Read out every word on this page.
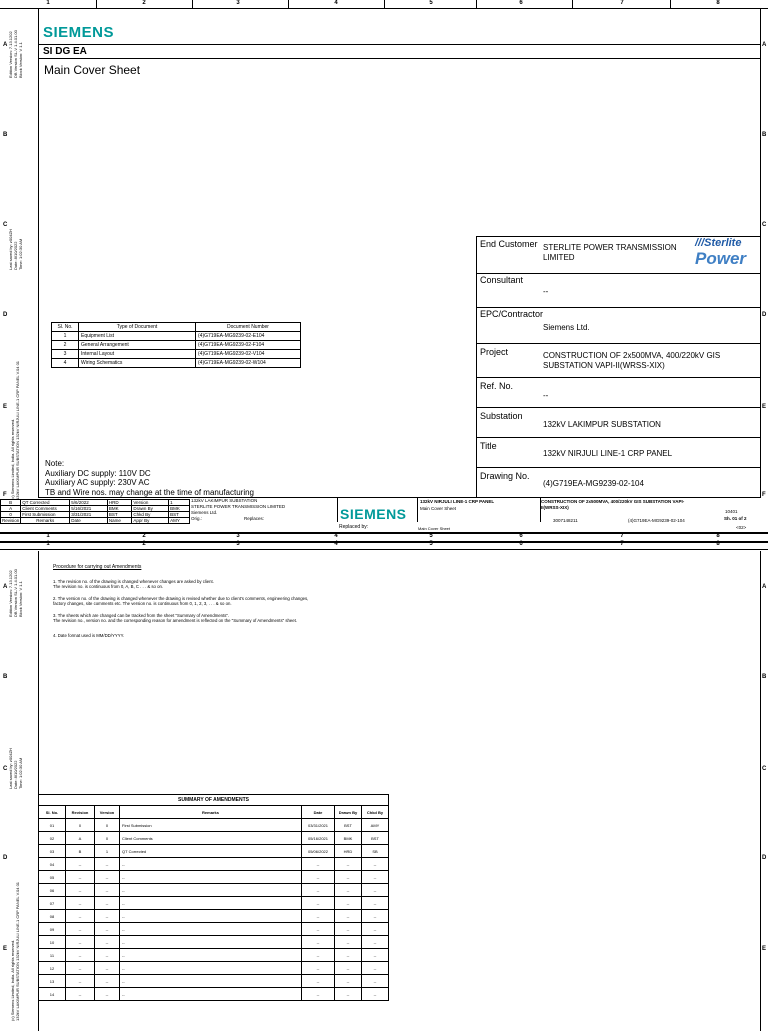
1	2	3	4	5	6	7	8
A
B
C
D
E
F
A
B
C
D
E
F
Edition Version: 7.13.1202 DB Version SL-V 1.4.01.00 Block Version: V 1.1
Last saved by: z004ZH Date: 8/10/2022 Time: 1:02:30 AM
(c) Siemens Limited, India. All rights reserved. 132kV LAKIMPUR SUBSTATION 132kV NIRJULI LINE-1 CRP PANEL V.04 01
SIEMENS
SI DG EA
Main Cover Sheet
Sl. No.	Type of Document	Document Number
1	Equipment List	(4)G719EA-MG9239-02-E104
2	General Arrangement	(4)G719EA-MG9239-02-F104
3	Internal Layout	(4)G719EA-MG9239-02-V104
4	Wiring Schematics	(4)G719EA-MG9239-02-W104
Note:
Auxiliary DC supply: 110V DC
Auxiliary AC supply: 230V AC
TB and Wire nos. may change at the time of manufacturing
End Customer STERLITE POWER TRANSMISSION LIMITED
///Sterlite
Power
Consultant
--
EPC/Contractor
Siemens Ltd.
Project	CONSTRUCTION OF 2x500MVA, 400/220kV GIS SUBSTATION VAPI-II(WRSS-XIX)
Ref. No.
--
Substation
132kV LAKIMPUR SUBSTATION
Title
132kV NIRJULI LINE-1 CRP PANEL
Drawing No.
(4)G719EA-MG9239-02-104
B	QT Corrected	5/6/2022	HRD	Version	1
A	Client Comments	5/16/2021	BMK	Drawn By	BMK
0	First Submission	3/31/2021	BST	Chkd By	BST
Revision	Remarks	Date	Name	Appr By	AMY
132kV LAKIMPUR SUBSTATION
STERLITE POWER TRANSMISSION LIMITED
Siemens Ltd.
Orig.:	Replaces:	SIEMENS
Replaced by:
132kV NIRJULI LINE-1 CRP PANEL
Main Cover Sheet
Main Cover Sheet
CONSTRUCTION OF 2x500MVA, 400/220kV GIS SUBSTATION VAPI-II(WRSS-XIX)
3007148211	(4)G719EA-MG9239-02-104
10401
Sh. 01 of 2
<02>
1	2	3	4	5	6	7	8
1	2	3	4	5	6	7	8
A
B
C
D
E
A
B
C
D
E
Edition Version: 7.13.1202 DB Version SL-V 1.4.01.00 Block Version: V 1.1
Last saved by: z004ZH Date: 8/10/2022 Time: 1:02:30 AM
(c) Siemens Limited, India. All rights reserved. 132kV LAKIMPUR SUBSTATION 132kV NIRJULI LINE-1 CRP PANEL V.04 01

Procedure for carrying out Amendments

1. The revision no. of the drawing is changed whenever changes are asked by client.

The revision no. is continuous from 0, A, B, C . . . & so on.

2. The version no. of the drawing is changed whenever the drawing is revised whether due to client's comments, engineering changes,

factory changes, site comments etc. The version no. is continuous from 0, 1, 2, 3, . . . & so on.

3. The sheets which are changed can be tracked from the sheet "Summary of Amendments".

The revision no., version no. and the corresponding reason for amendment is reflected on the "Summary of Amendments" sheet.

4. Date format used is MM/DD/YYYY.

SUMMARY OF AMENDMENTS						
Sl. No.	Revision	Version	Remarks	Date	Drawn By	Chkd By
01	0	0	First Submission	03/31/2021	BST	AMY
02	A	0	Client Comments	05/16/2021	BMK	BST
03	B	1	QT Corrected	05/06/2022	HRD	SB
04	--	--	--	--	--	--
05	--	--	--	--	--	--
06	--	--	--	--	--	--
07	--	--	--	--	--	--
08	--	--	--	--	--	--
09	--	--	--	--	--	--
10	--	--	--	--	--	--
11	--	--	--	--	--	--
12	--	--	--	--	--	--
13	--	--	--	--	--	--
14	--	--	--	--	--	--
